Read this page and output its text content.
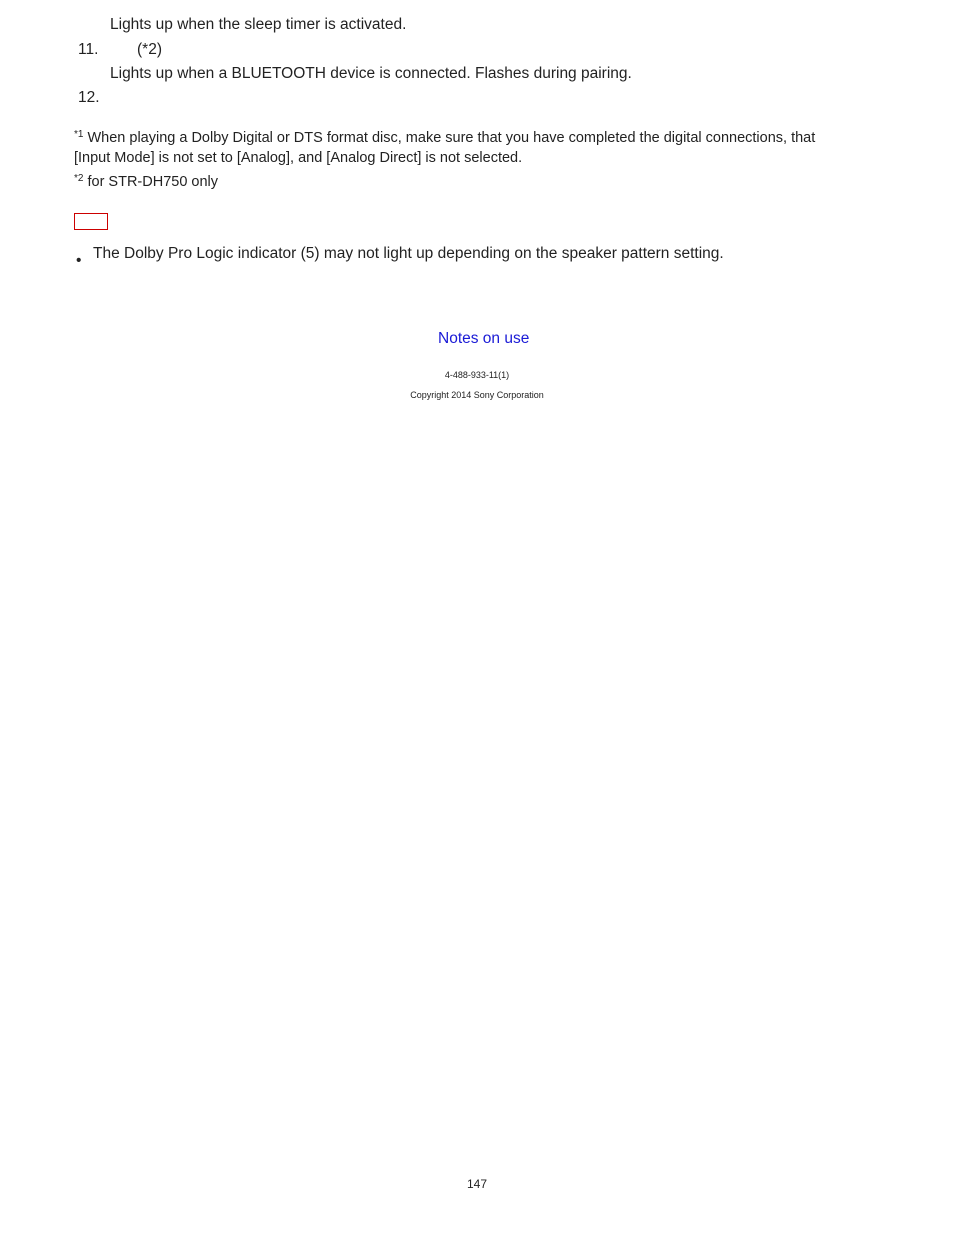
Lights up when the sleep timer is activated.
11. (*2)
Lights up when a BLUETOOTH device is connected. Flashes during pairing.
12.
$^{*1}$ When playing a Dolby Digital or DTS format disc, make sure that you have completed the digital connections, that
[Input Mode] is not set to [Analog], and [Analog Direct] is not selected.
$^{*2}$ for STR-DH750 only
• The Dolby Pro Logic indicator (5) may not light up depending on the speaker pattern setting.
Notes on use
4-488-933-11(1)
Copyright 2014 Sony Corporation
147
